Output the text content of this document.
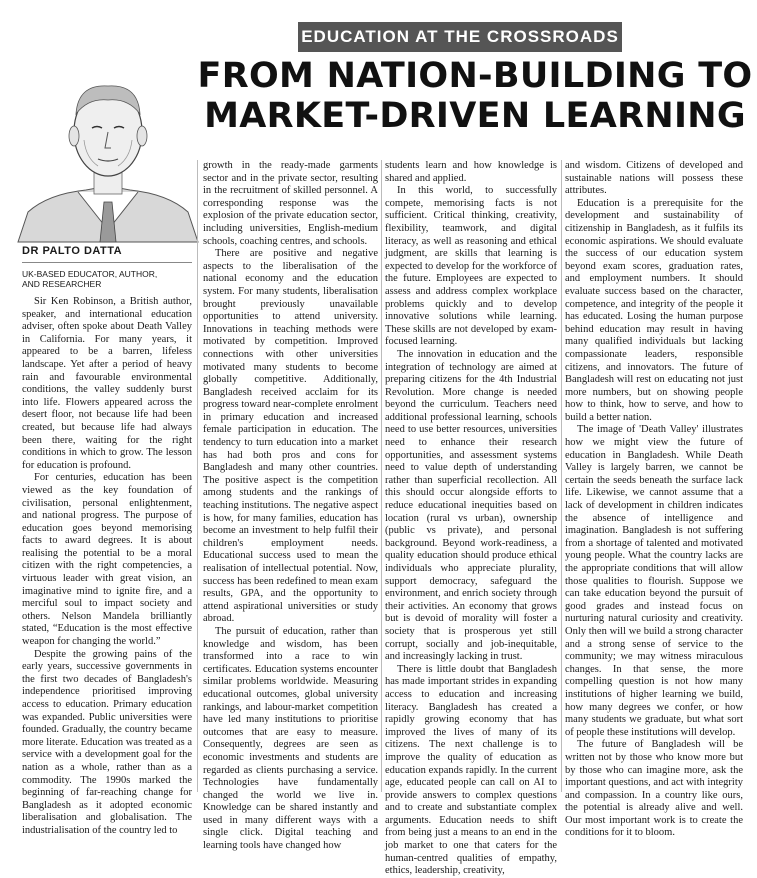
EDUCATION AT THE CROSSROADS
FROM NATION-BUILDING TO
MARKET-DRIVEN LEARNING
DR PALTO DATTA
UK-BASED EDUCATOR, AUTHOR,
AND RESEARCHER

Sir Ken Robinson, a British author, speaker, and international education adviser, often spoke about Death Valley in California. For many years, it appeared to be a barren, lifeless landscape. Yet after a period of heavy rain and favourable environmental conditions, the valley suddenly burst into life. Flowers appeared across the desert floor, not because life had been created, but because life had always been there, waiting for the right conditions in which to grow. The lesson for education is profound.

For centuries, education has been viewed as the key foundation of civilisation, personal enlightenment, and national progress. The purpose of education goes beyond memorising facts to award degrees. It is about realising the potential to be a moral citizen with the right competencies, a virtuous leader with great vision, an imaginative mind to ignite fire, and a merciful soul to impact society and others. Nelson Mandela brilliantly stated, “Education is the most effective weapon for changing the world.”

Despite the growing pains of the early years, successive governments in the first two decades of Bangladesh's independence prioritised improving access to education. Primary education was expanded. Public universities were founded. Gradually, the country became more literate. Education was treated as a service with a development goal for the nation as a whole, rather than as a commodity. The 1990s marked the beginning of far-reaching change for Bangladesh as it adopted economic liberalisation and globalisation. The industrialisation of the country led to

growth in the ready-made garments sector and in the private sector, resulting in the recruitment of skilled personnel. A corresponding response was the explosion of the private education sector, including universities, English-medium schools, coaching centres, and schools.

There are positive and negative aspects to the liberalisation of the national economy and the education system. For many students, liberalisation brought previously unavailable opportunities to attend university. Innovations in teaching methods were motivated by competition. Improved connections with other universities motivated many students to become globally competitive. Additionally, Bangladesh received acclaim for its progress toward near-complete enrolment in primary education and increased female participation in education. The tendency to turn education into a market has had both pros and cons for Bangladesh and many other countries. The positive aspect is the competition among students and the rankings of teaching institutions. The negative aspect is how, for many families, education has become an investment to help fulfil their children's employment needs. Educational success used to mean the realisation of intellectual potential. Now, success has been redefined to mean exam results, GPA, and the opportunity to attend aspirational universities or study abroad.

The pursuit of education, rather than knowledge and wisdom, has been transformed into a race to win certificates. Education systems encounter similar problems worldwide. Measuring educational outcomes, global university rankings, and labour-market competition have led many institutions to prioritise outcomes that are easy to measure. Consequently, degrees are seen as economic investments and students are regarded as clients purchasing a service. Technologies have fundamentally changed the world we live in. Knowledge can be shared instantly and used in many different ways with a single click. Digital teaching and learning tools have changed how

students learn and how knowledge is shared and applied.

In this world, to successfully compete, memorising facts is not sufficient. Critical thinking, creativity, flexibility, teamwork, and digital literacy, as well as reasoning and ethical judgment, are skills that learning is expected to develop for the workforce of the future. Employees are expected to assess and address complex workplace problems quickly and to develop innovative solutions while learning. These skills are not developed by exam-focused learning.

The innovation in education and the integration of technology are aimed at preparing citizens for the 4th Industrial Revolution. More change is needed beyond the curriculum. Teachers need additional professional learning, schools need to use better resources, universities need to enhance their research opportunities, and assessment systems need to value depth of understanding rather than superficial recollection. All this should occur alongside efforts to reduce educational inequities based on location (rural vs urban), ownership (public vs private), and personal background. Beyond work-readiness, a quality education should produce ethical individuals who appreciate plurality, support democracy, safeguard the environment, and enrich society through their activities. An economy that grows but is devoid of morality will foster a society that is prosperous yet still corrupt, socially and job-inequitable, and increasingly lacking in trust.

There is little doubt that Bangladesh has made important strides in expanding access to education and increasing literacy. Bangladesh has created a rapidly growing economy that has improved the lives of many of its citizens. The next challenge is to improve the quality of education as education expands rapidly. In the current age, educated people can call on AI to provide answers to complex questions and to create and substantiate complex arguments. Education needs to shift from being just a means to an end in the job market to one that caters for the human-centred qualities of empathy, ethics, leadership, creativity,

and wisdom. Citizens of developed and sustainable nations will possess these attributes.

Education is a prerequisite for the development and sustainability of citizenship in Bangladesh, as it fulfils its economic aspirations. We should evaluate the success of our education system beyond exam scores, graduation rates, and employment numbers. It should evaluate success based on the character, competence, and integrity of the people it has educated. Losing the human purpose behind education may result in having many qualified individuals but lacking compassionate leaders, responsible citizens, and innovators. The future of Bangladesh will rest on educating not just more numbers, but on showing people how to think, how to serve, and how to build a better nation.

The image of 'Death Valley' illustrates how we might view the future of education in Bangladesh. While Death Valley is largely barren, we cannot be certain the seeds beneath the surface lack life. Likewise, we cannot assume that a lack of development in children indicates the absence of intelligence and imagination. Bangladesh is not suffering from a shortage of talented and motivated young people. What the country lacks are the appropriate conditions that will allow those qualities to flourish. Suppose we can take education beyond the pursuit of good grades and instead focus on nurturing natural curiosity and creativity. Only then will we build a strong character and a strong sense of service to the community; we may witness miraculous changes. In that sense, the more compelling question is not how many institutions of higher learning we build, how many degrees we confer, or how many students we graduate, but what sort of people these institutions will develop.

The future of Bangladesh will be written not by those who know more but by those who can imagine more, ask the important questions, and act with integrity and compassion. In a country like ours, the potential is already alive and well. Our most important work is to create the conditions for it to bloom.
